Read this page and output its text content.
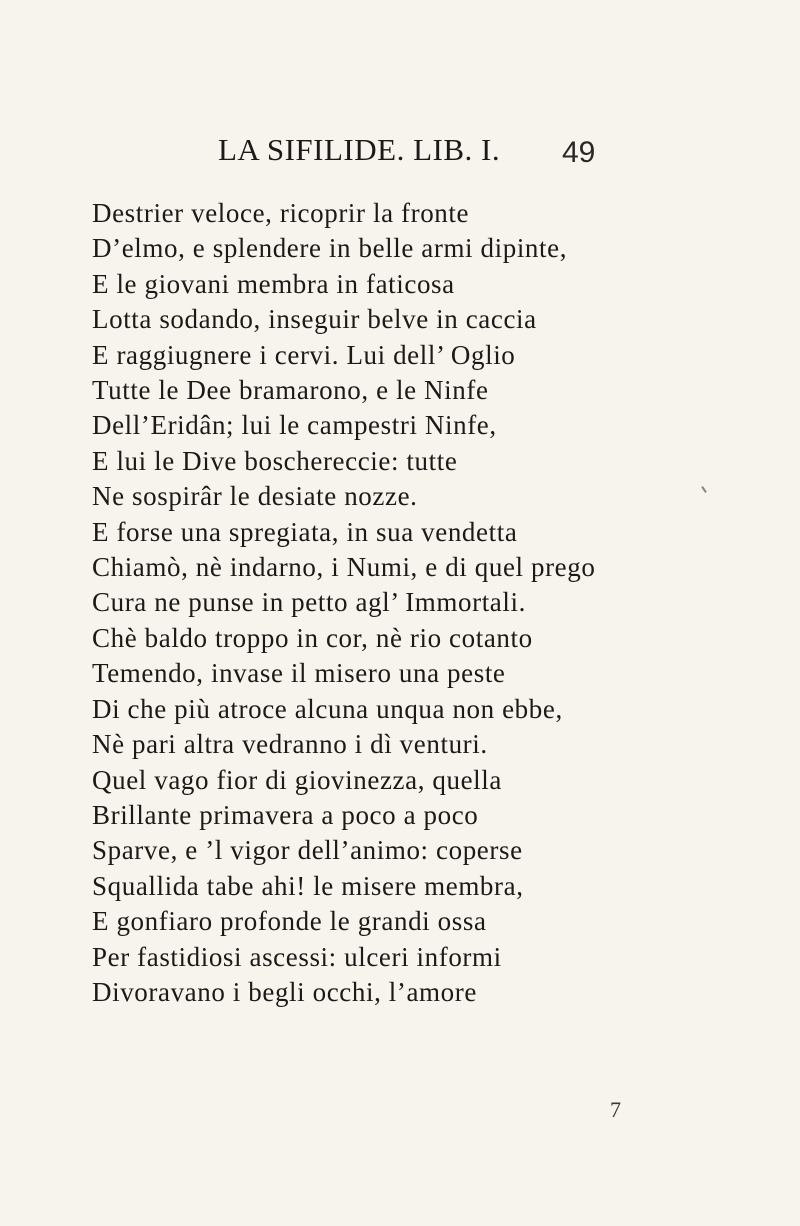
LA SIFILIDE. LIB. I. 49
Destrier veloce, ricoprir la fronte
D’elmo, e splendere in belle armi dipinte,
E le giovani membra in faticosa
Lotta sodando, inseguir belve in caccia
E raggiugnere i cervi. Lui dell’ Oglio
Tutte le Dee bramarono, e le Ninfe
Dell’Eridân; lui le campestri Ninfe,
E lui le Dive boschereccie: tutte
Ne sospirâr le desiate nozze.
E forse una spregiata, in sua vendetta
Chiamò, nè indarno, i Numi, e di quel prego
Cura ne punse in petto agl’ Immortali.
Chè baldo troppo in cor, nè rio cotanto
Temendo, invase il misero una peste
Di che più atroce alcuna unqua non ebbe,
Nè pari altra vedranno i dì venturi.
Quel vago fior di giovinezza, quella
Brillante primavera a poco a poco
Sparve, e ’l vigor dell’animo: coperse
Squallida tabe ahi! le misere membra,
E gonfiaro profonde le grandi ossa
Per fastidiosi ascessi: ulceri informi
Divoravano i begli occhi, l’amore
7
